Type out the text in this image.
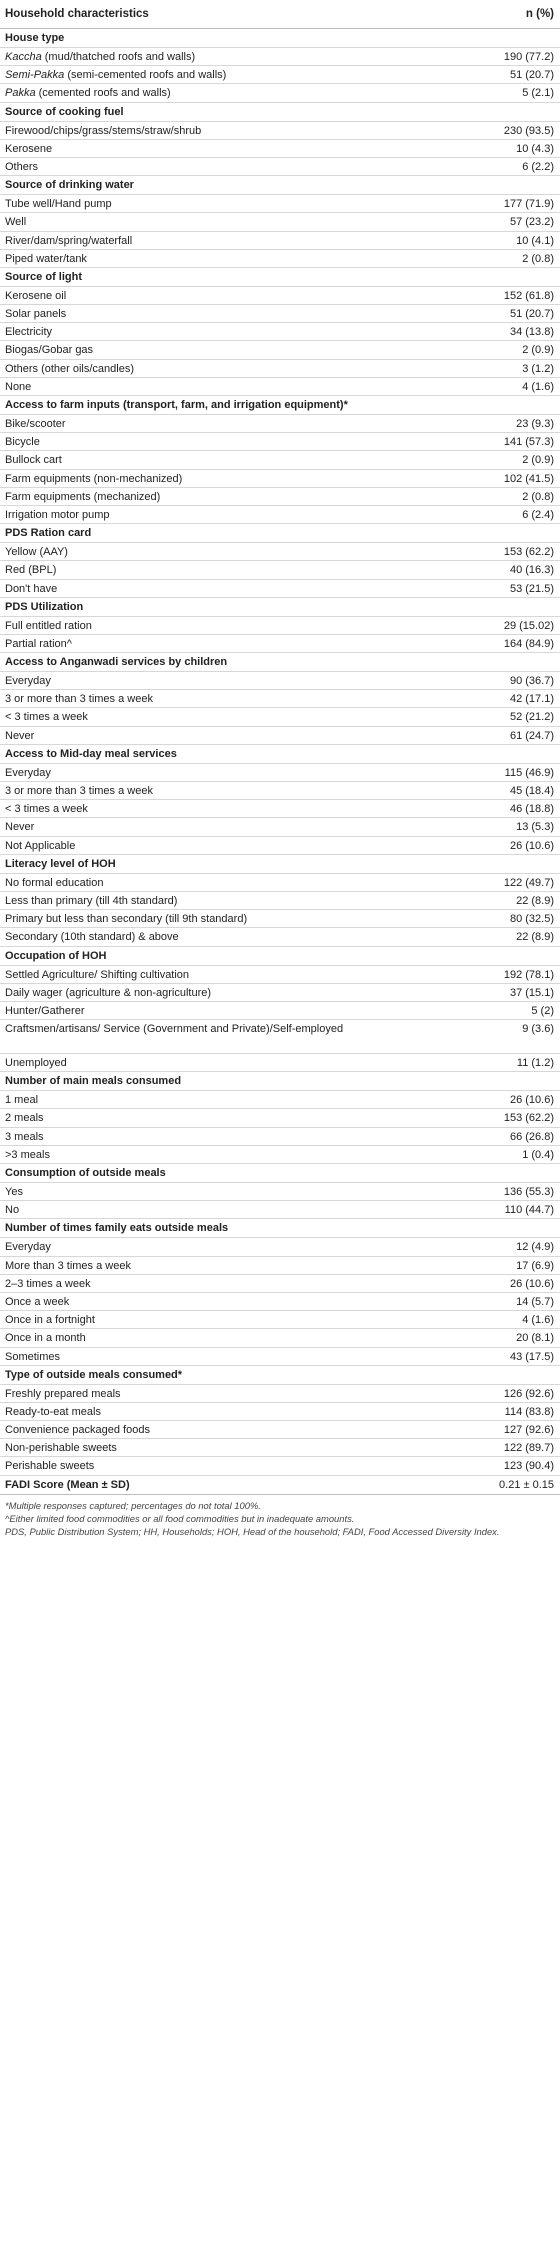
Household characteristics	n (%)
House type
Kaccha (mud/thatched roofs and walls)	190 (77.2)
Semi-Pakka (semi-cemented roofs and walls)	51 (20.7)
Pakka (cemented roofs and walls)	5 (2.1)
Source of cooking fuel
Firewood/chips/grass/stems/straw/shrub	230 (93.5)
Kerosene	10 (4.3)
Others	6 (2.2)
Source of drinking water
Tube well/Hand pump	177 (71.9)
Well	57 (23.2)
River/dam/spring/waterfall	10 (4.1)
Piped water/tank	2 (0.8)
Source of light
Kerosene oil	152 (61.8)
Solar panels	51 (20.7)
Electricity	34 (13.8)
Biogas/Gobar gas	2 (0.9)
Others (other oils/candles)	3 (1.2)
None	4 (1.6)
Access to farm inputs (transport, farm, and irrigation equipment)*
Bike/scooter	23 (9.3)
Bicycle	141 (57.3)
Bullock cart	2 (0.9)
Farm equipments (non-mechanized)	102 (41.5)
Farm equipments (mechanized)	2 (0.8)
Irrigation motor pump	6 (2.4)
PDS Ration card
Yellow (AAY)	153 (62.2)
Red (BPL)	40 (16.3)
Don't have	53 (21.5)
PDS Utilization
Full entitled ration	29 (15.02)
Partial ration^	164 (84.9)
Access to Anganwadi services by children
Everyday	90 (36.7)
3 or more than 3 times a week	42 (17.1)
< 3 times a week	52 (21.2)
Never	61 (24.7)
Access to Mid-day meal services
Everyday	115 (46.9)
3 or more than 3 times a week	45 (18.4)
< 3 times a week	46 (18.8)
Never	13 (5.3)
Not Applicable	26 (10.6)
Literacy level of HOH
No formal education	122 (49.7)
Less than primary (till 4th standard)	22 (8.9)
Primary but less than secondary (till 9th standard)	80 (32.5)
Secondary (10th standard) & above	22 (8.9)
Occupation of HOH
Settled Agriculture/ Shifting cultivation	192 (78.1)
Daily wager (agriculture & non-agriculture)	37 (15.1)
Hunter/Gatherer	5 (2)
Craftsmen/artisans/ Service (Government and Private)/Self-employed	9 (3.6)
Unemployed	11 (1.2)
Number of main meals consumed
1 meal	26 (10.6)
2 meals	153 (62.2)
3 meals	66 (26.8)
>3 meals	1 (0.4)
Consumption of outside meals
Yes	136 (55.3)
No	110 (44.7)
Number of times family eats outside meals
Everyday	12 (4.9)
More than 3 times a week	17 (6.9)
2–3 times a week	26 (10.6)
Once a week	14 (5.7)
Once in a fortnight	4 (1.6)
Once in a month	20 (8.1)
Sometimes	43 (17.5)
Type of outside meals consumed*
Freshly prepared meals	126 (92.6)
Ready-to-eat meals	114 (83.8)
Convenience packaged foods	127 (92.6)
Non-perishable sweets	122 (89.7)
Perishable sweets	123 (90.4)
FADI Score (Mean ± SD)	0.21 ± 0.15
*Multiple responses captured; percentages do not total 100%.
^Either limited food commodities or all food commodities but in inadequate amounts.
PDS, Public Distribution System; HH, Households; HOH, Head of the household; FADI, Food Accessed Diversity Index.
